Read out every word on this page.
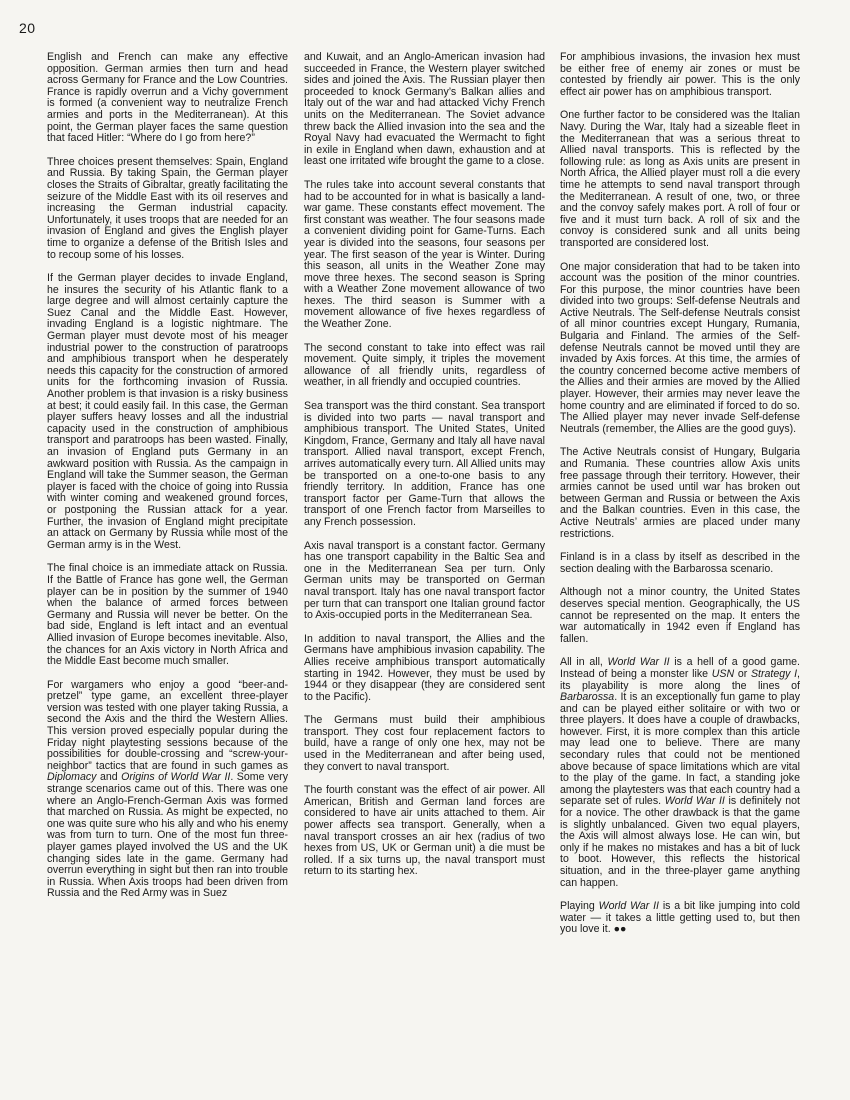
20

English and French can make any effective opposition. German armies then turn and head across Germany for France and the Low Countries. France is rapidly overrun and a Vichy government is formed (a convenient way to neutralize French armies and ports in the Mediterranean). At this point, the German player faces the same question that faced Hitler: “Where do I go from here?”

Three choices present themselves: Spain, England and Russia. By taking Spain, the German player closes the Straits of Gibraltar, greatly facilitating the seizure of the Middle East with its oil reserves and increasing the German industrial capacity. Unfortunately, it uses troops that are needed for an invasion of England and gives the English player time to organize a defense of the British Isles and to recoup some of his losses.

If the German player decides to invade England, he insures the security of his Atlantic flank to a large degree and will almost certainly capture the Suez Canal and the Middle East. However, invading England is a logistic nightmare. The German player must devote most of his meager industrial power to the construction of paratroops and amphibious transport when he desperately needs this capacity for the construction of armored units for the forthcoming invasion of Russia. Another problem is that invasion is a risky business at best; it could easily fail. In this case, the German player suffers heavy losses and all the industrial capacity used in the construction of amphibious transport and paratroops has been wasted. Finally, an invasion of England puts Germany in an awkward position with Russia. As the campaign in England will take the Summer season, the German player is faced with the choice of going into Russia with winter coming and weakened ground forces, or postponing the Russian attack for a year. Further, the invasion of England might precipitate an attack on Germany by Russia while most of the German army is in the West.

The final choice is an immediate attack on Russia. If the Battle of France has gone well, the German player can be in position by the summer of 1940 when the balance of armed forces between Germany and Russia will never be better. On the bad side, England is left intact and an eventual Allied invasion of Europe becomes inevitable. Also, the chances for an Axis victory in North Africa and the Middle East become much smaller.

For wargamers who enjoy a good “beer-and-pretzel” type game, an excellent three-player version was tested with one player taking Russia, a second the Axis and the third the Western Allies. This version proved especially popular during the Friday night playtesting sessions because of the possibilities for double-crossing and “screw-your-neighbor” tactics that are found in such games as Diplomacy and Origins of World War II. Some very strange scenarios came out of this. There was one where an Anglo-French-German Axis was formed that marched on Russia. As might be expected, no one was quite sure who his ally and who his enemy was from turn to turn. One of the most fun three-player games played involved the US and the UK changing sides late in the game. Germany had overrun everything in sight but then ran into trouble in Russia. When Axis troops had been driven from Russia and the Red Army was in Suez

and Kuwait, and an Anglo-American invasion had succeeded in France, the Western player switched sides and joined the Axis. The Russian player then proceeded to knock Germany’s Balkan allies and Italy out of the war and had attacked Vichy French units on the Mediterranean. The Soviet advance threw back the Allied invasion into the sea and the Royal Navy had evacuated the Wermacht to fight in exile in England when dawn, exhaustion and at least one irritated wife brought the game to a close.

The rules take into account several constants that had to be accounted for in what is basically a land-war game. These constants effect movement. The first constant was weather. The four seasons made a convenient dividing point for Game-Turns. Each year is divided into the seasons, four seasons per year. The first season of the year is Winter. During this season, all units in the Weather Zone may move three hexes. The second season is Spring with a Weather Zone movement allowance of two hexes. The third season is Summer with a movement allowance of five hexes regardless of the Weather Zone.

The second constant to take into effect was rail movement. Quite simply, it triples the movement allowance of all friendly units, regardless of weather, in all friendly and occupied countries.

Sea transport was the third constant. Sea transport is divided into two parts — naval transport and amphibious transport. The United States, United Kingdom, France, Germany and Italy all have naval transport. Allied naval transport, except French, arrives automatically every turn. All Allied units may be transported on a one-to-one basis to any friendly territory. In addition, France has one transport factor per Game-Turn that allows the transport of one French factor from Marseilles to any French possession.

Axis naval transport is a constant factor. Germany has one transport capability in the Baltic Sea and one in the Mediterranean Sea per turn. Only German units may be transported on German naval transport. Italy has one naval transport factor per turn that can transport one Italian ground factor to Axis-occupied ports in the Mediterranean Sea.

In addition to naval transport, the Allies and the Germans have amphibious invasion capability. The Allies receive amphibious transport automatically starting in 1942. However, they must be used by 1944 or they disappear (they are considered sent to the Pacific).

The Germans must build their amphibious transport. They cost four replacement factors to build, have a range of only one hex, may not be used in the Mediterranean and after being used, they convert to naval transport.

The fourth constant was the effect of air power. All American, British and German land forces are considered to have air units attached to them. Air power affects sea transport. Generally, when a naval transport crosses an air hex (radius of two hexes from US, UK or German unit) a die must be rolled. If a six turns up, the naval transport must return to its starting hex.

For amphibious invasions, the invasion hex must be either free of enemy air zones or must be contested by friendly air power. This is the only effect air power has on amphibious transport.

One further factor to be considered was the Italian Navy. During the War, Italy had a sizeable fleet in the Mediterranean that was a serious threat to Allied naval transports. This is reflected by the following rule: as long as Axis units are present in North Africa, the Allied player must roll a die every time he attempts to send naval transport through the Mediterranean. A result of one, two, or three and the convoy safely makes port. A roll of four or five and it must turn back. A roll of six and the convoy is considered sunk and all units being transported are considered lost.

One major consideration that had to be taken into account was the position of the minor countries. For this purpose, the minor countries have been divided into two groups: Self-defense Neutrals and Active Neutrals. The Self-defense Neutrals consist of all minor countries except Hungary, Rumania, Bulgaria and Finland. The armies of the Self-defense Neutrals cannot be moved until they are invaded by Axis forces. At this time, the armies of the country concerned become active members of the Allies and their armies are moved by the Allied player. However, their armies may never leave the home country and are eliminated if forced to do so. The Allied player may never invade Self-defense Neutrals (remember, the Allies are the good guys).

The Active Neutrals consist of Hungary, Bulgaria and Rumania. These countries allow Axis units free passage through their territory. However, their armies cannot be used until war has broken out between German and Russia or between the Axis and the Balkan countries. Even in this case, the Active Neutrals’ armies are placed under many restrictions.

Finland is in a class by itself as described in the section dealing with the Barbarossa scenario.

Although not a minor country, the United States deserves special mention. Geographically, the US cannot be represented on the map. It enters the war automatically in 1942 even if England has fallen.

All in all, World War II is a hell of a good game. Instead of being a monster like USN or Strategy I, its playability is more along the lines of Barbarossa. It is an exceptionally fun game to play and can be played either solitaire or with two or three players. It does have a couple of drawbacks, however. First, it is more complex than this article may lead one to believe. There are many secondary rules that could not be mentioned above because of space limitations which are vital to the play of the game. In fact, a standing joke among the playtesters was that each country had a separate set of rules. World War II is definitely not for a novice. The other drawback is that the game is slightly unbalanced. Given two equal players, the Axis will almost always lose. He can win, but only if he makes no mistakes and has a bit of luck to boot. However, this reflects the historical situation, and in the three-player game anything can happen.

Playing World War II is a bit like jumping into cold water — it takes a little getting used to, but then you love it. ●●
